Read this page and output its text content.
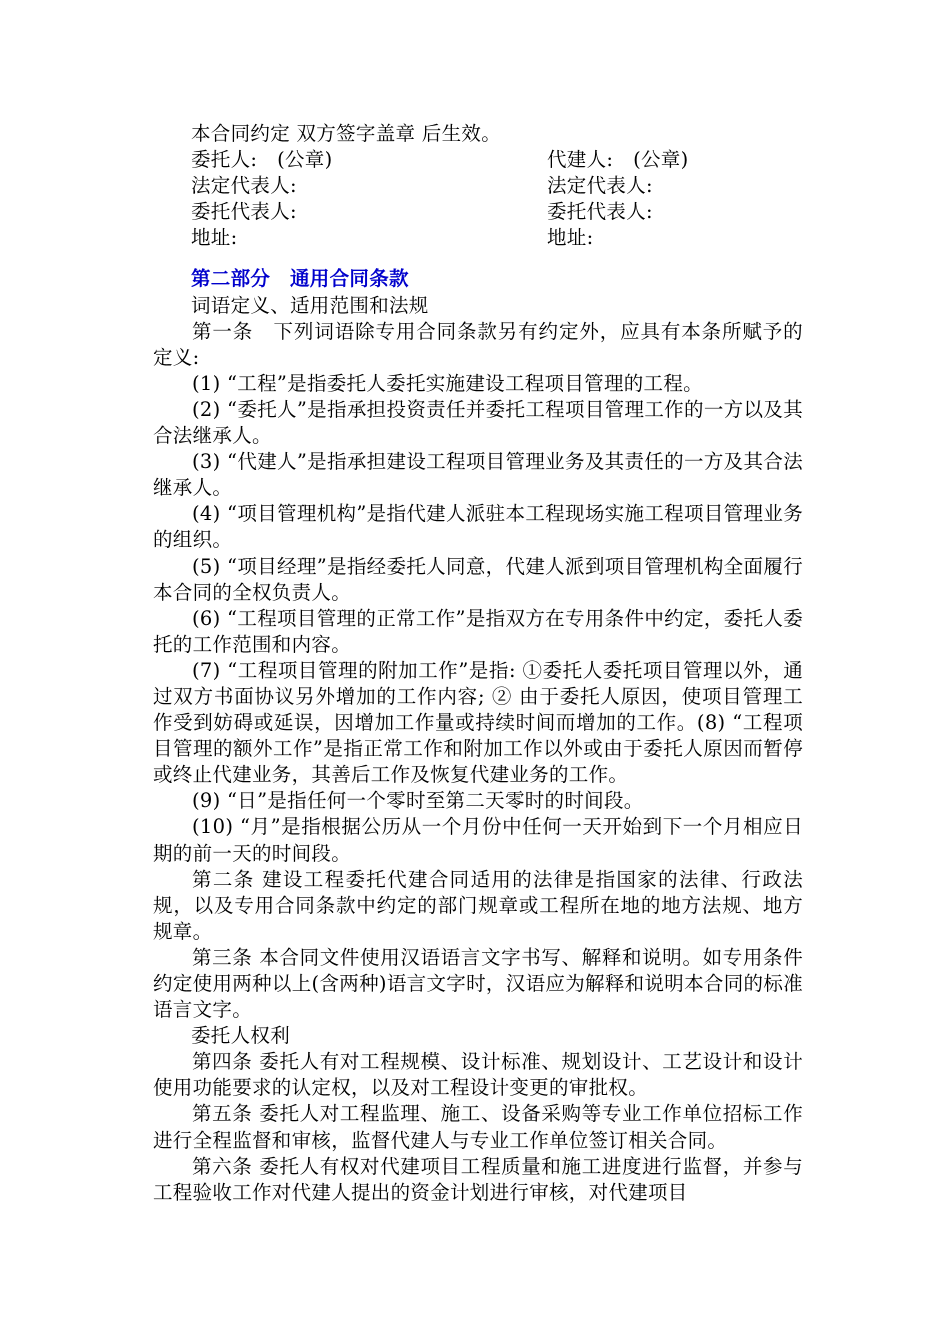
本合同约定 双方签字盖章 后生效。
委托人:　(公章)	代建人:　(公章)
法定代表人:	法定代表人:
委托代表人:	委托代表人:
地址:	地址:
第二部分　通用合同条款
词语定义、适用范围和法规

第一条　下列词语除专用合同条款另有约定外，应具有本条所赋予的定义:

(1) “工程”是指委托人委托实施建设工程项目管理的工程。

(2) “委托人”是指承担投资责任并委托工程项目管理工作的一方以及其合法继承人。

(3) “代建人”是指承担建设工程项目管理业务及其责任的一方及其合法继承人。

(4) “项目管理机构”是指代建人派驻本工程现场实施工程项目管理业务的组织。

(5) “项目经理”是指经委托人同意，代建人派到项目管理机构全面履行本合同的全权负责人。

(6) “工程项目管理的正常工作”是指双方在专用条件中约定，委托人委托的工作范围和内容。

(7) “工程项目管理的附加工作”是指: ①委托人委托项目管理以外，通过双方书面协议另外增加的工作内容; ② 由于委托人原因，使项目管理工作受到妨碍或延误，因增加工作量或持续时间而增加的工作。(8) “工程项目管理的额外工作”是指正常工作和附加工作以外或由于委托人原因而暂停或终止代建业务，其善后工作及恢复代建业务的工作。

(9) “日”是指任何一个零时至第二天零时的时间段。

(10) “月”是指根据公历从一个月份中任何一天开始到下一个月相应日期的前一天的时间段。

第二条 建设工程委托代建合同适用的法律是指国家的法律、行政法规，以及专用合同条款中约定的部门规章或工程所在地的地方法规、地方规章。

第三条 本合同文件使用汉语语言文字书写、解释和说明。如专用条件约定使用两种以上(含两种)语言文字时，汉语应为解释和说明本合同的标准语言文字。

委托人权利

第四条 委托人有对工程规模、设计标准、规划设计、工艺设计和设计使用功能要求的认定权，以及对工程设计变更的审批权。

第五条 委托人对工程监理、施工、设备采购等专业工作单位招标工作进行全程监督和审核，监督代建人与专业工作单位签订相关合同。

第六条 委托人有权对代建项目工程质量和施工进度进行监督，并参与工程验收工作对代建人提出的资金计划进行审核，对代建项目
